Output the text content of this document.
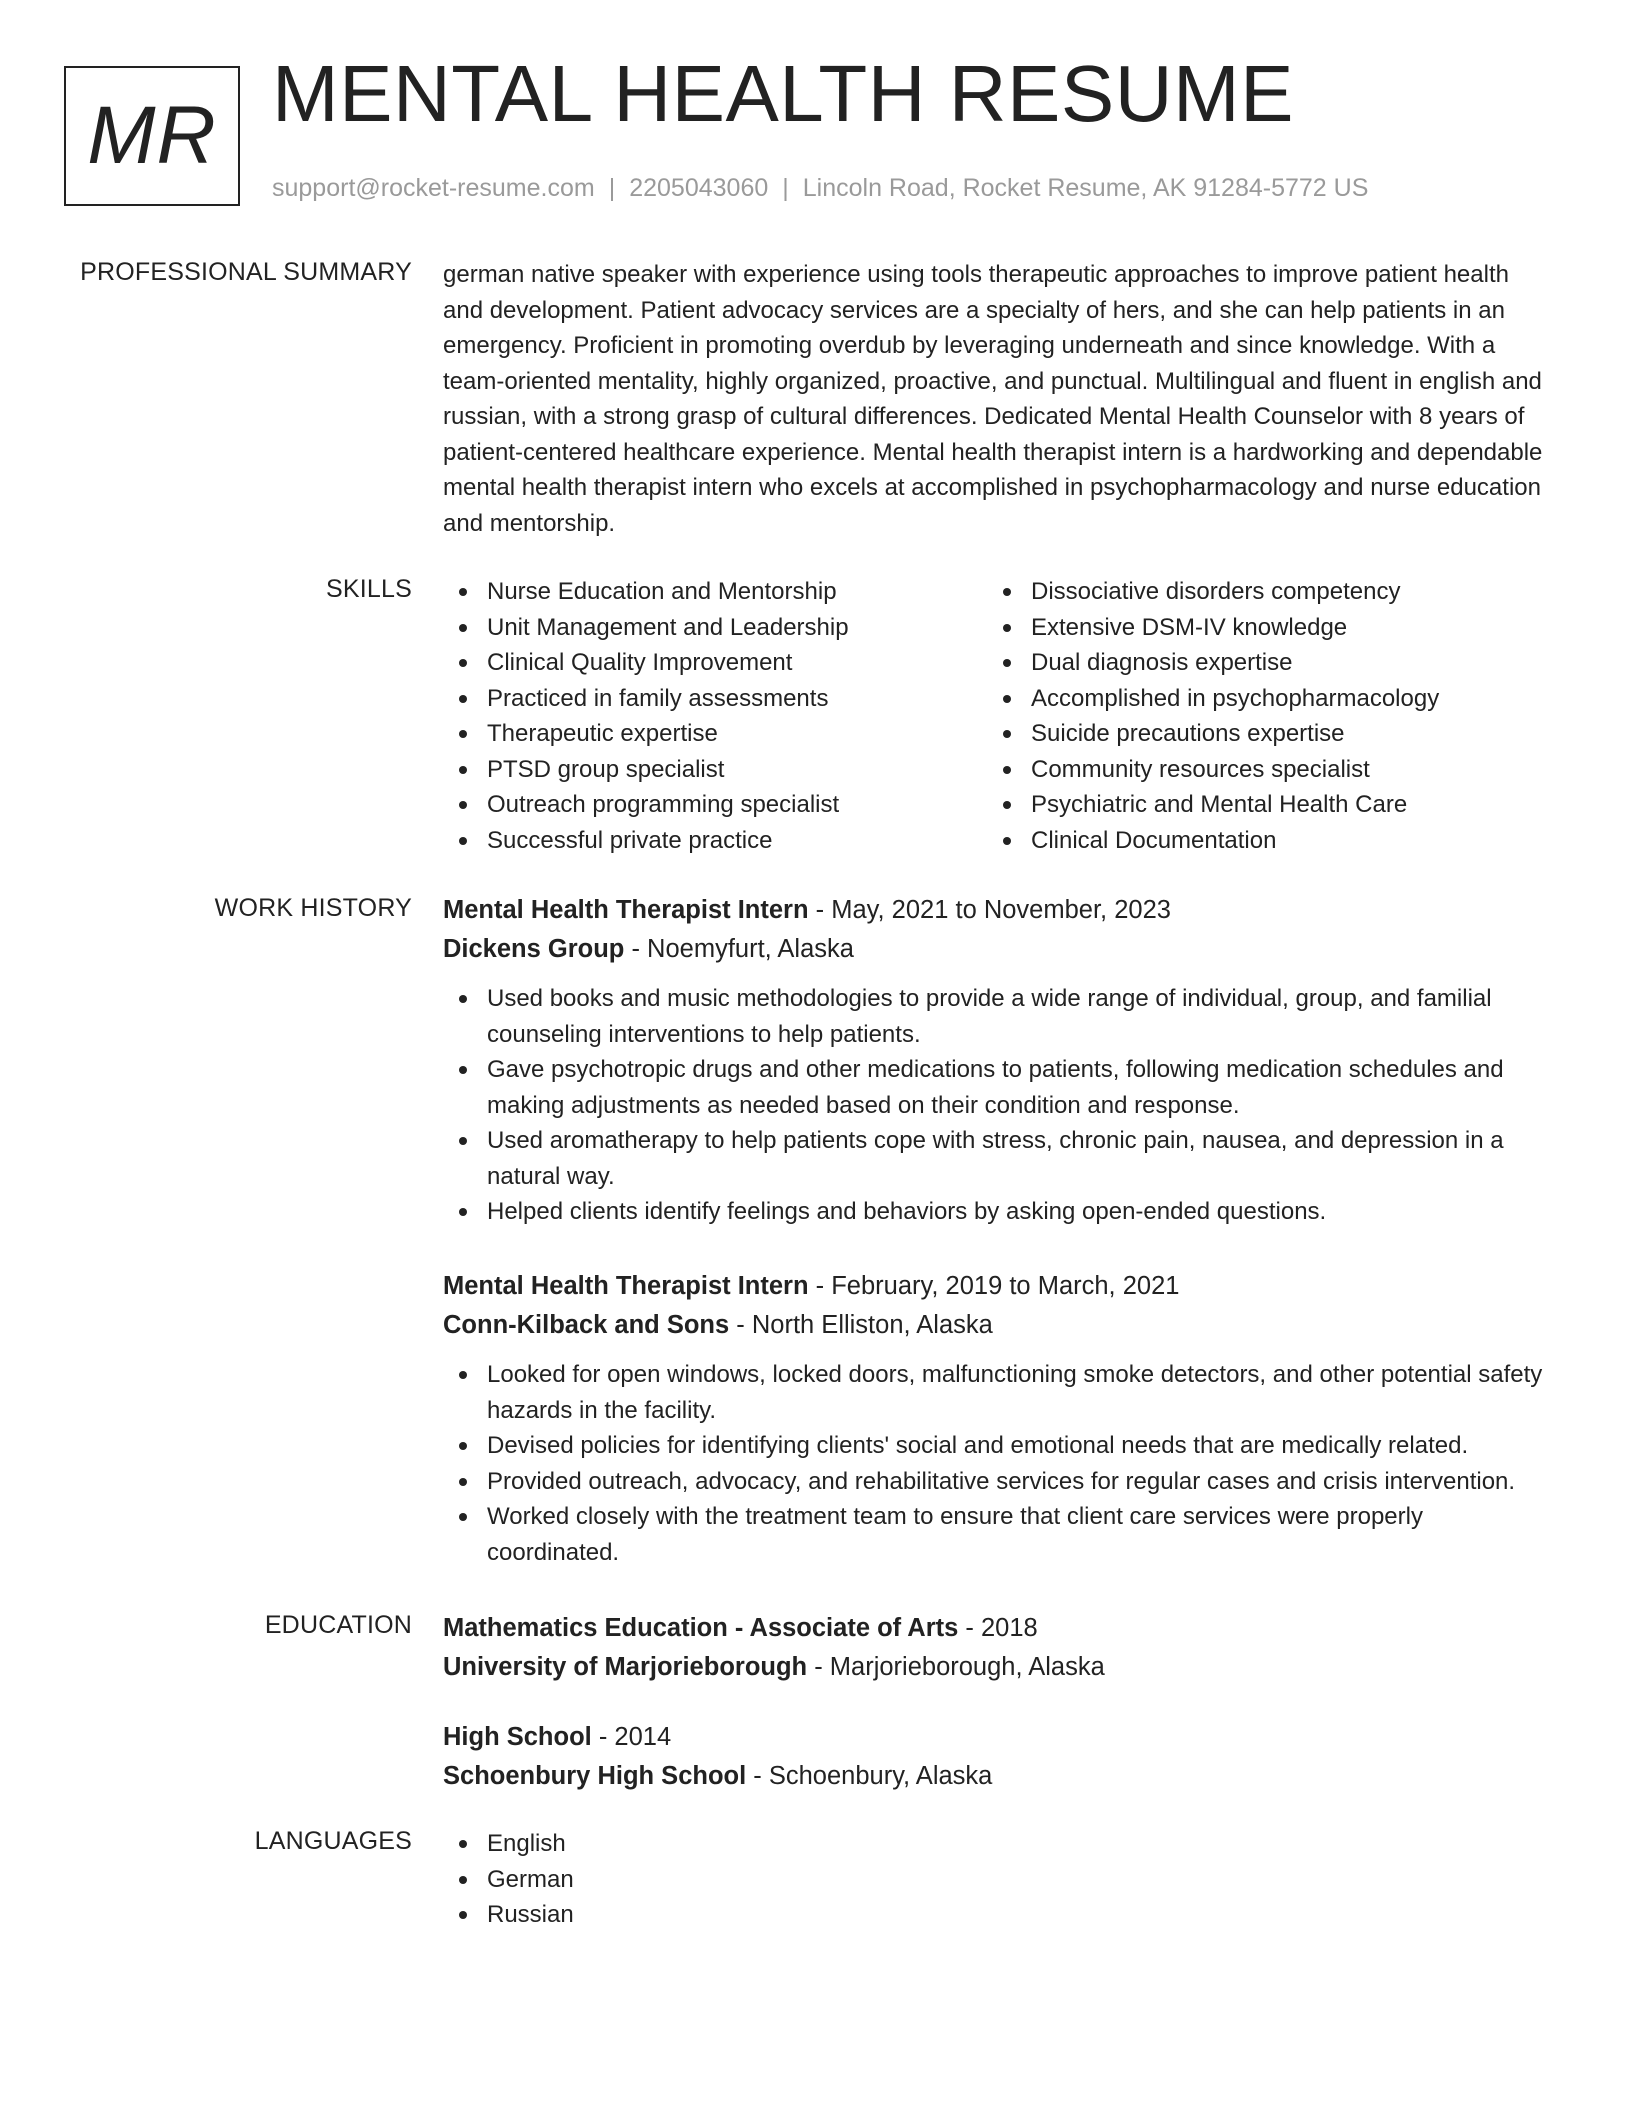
MR MENTAL HEALTH RESUME
support@rocket-resume.com | 2205043060 | Lincoln Road, Rocket Resume, AK 91284-5772 US
PROFESSIONAL SUMMARY german native speaker with experience using tools therapeutic approaches to improve patient health and development. Patient advocacy services are a specialty of hers, and she can help patients in an emergency. Proficient in promoting overdub by leveraging underneath and since knowledge. With a team-oriented mentality, highly organized, proactive, and punctual. Multilingual and fluent in english and russian, with a strong grasp of cultural differences. Dedicated Mental Health Counselor with 8 years of patient-centered healthcare experience. Mental health therapist intern is a hardworking and dependable mental health therapist intern who excels at accomplished in psychopharmacology and nurse education and mentorship.

SKILLS	Nurse Education and Mentorship
Unit Management and Leadership
Clinical Quality Improvement
Practiced in family assessments
Therapeutic expertise
PTSD group specialist
Outreach programming specialist
Successful private practice
Dissociative disorders competency
Extensive DSM-IV knowledge
Dual diagnosis expertise
Accomplished in psychopharmacology
Suicide precautions expertise
Community resources specialist
Psychiatric and Mental Health Care
Clinical Documentation
WORK HISTORY Mental Health Therapist Intern - May, 2021 to November, 2023
Dickens Group - Noemyfurt, Alaska
Used books and music methodologies to provide a wide range of individual, group, and familial counseling interventions to help patients.
Gave psychotropic drugs and other medications to patients, following medication schedules and making adjustments as needed based on their condition and response.
Used aromatherapy to help patients cope with stress, chronic pain, nausea, and depression in a natural way.
Helped clients identify feelings and behaviors by asking open-ended questions.
Mental Health Therapist Intern - February, 2019 to March, 2021
Conn-Kilback and Sons - North Elliston, Alaska
Looked for open windows, locked doors, malfunctioning smoke detectors, and other potential safety hazards in the facility.
Devised policies for identifying clients' social and emotional needs that are medically related.
Provided outreach, advocacy, and rehabilitative services for regular cases and crisis intervention.
Worked closely with the treatment team to ensure that client care services were properly coordinated.
EDUCATION Mathematics Education - Associate of Arts - 2018
University of Marjorieborough - Marjorieborough, Alaska
High School - 2014
Schoenbury High School - Schoenbury, Alaska
LANGUAGES	English
German
Russian
